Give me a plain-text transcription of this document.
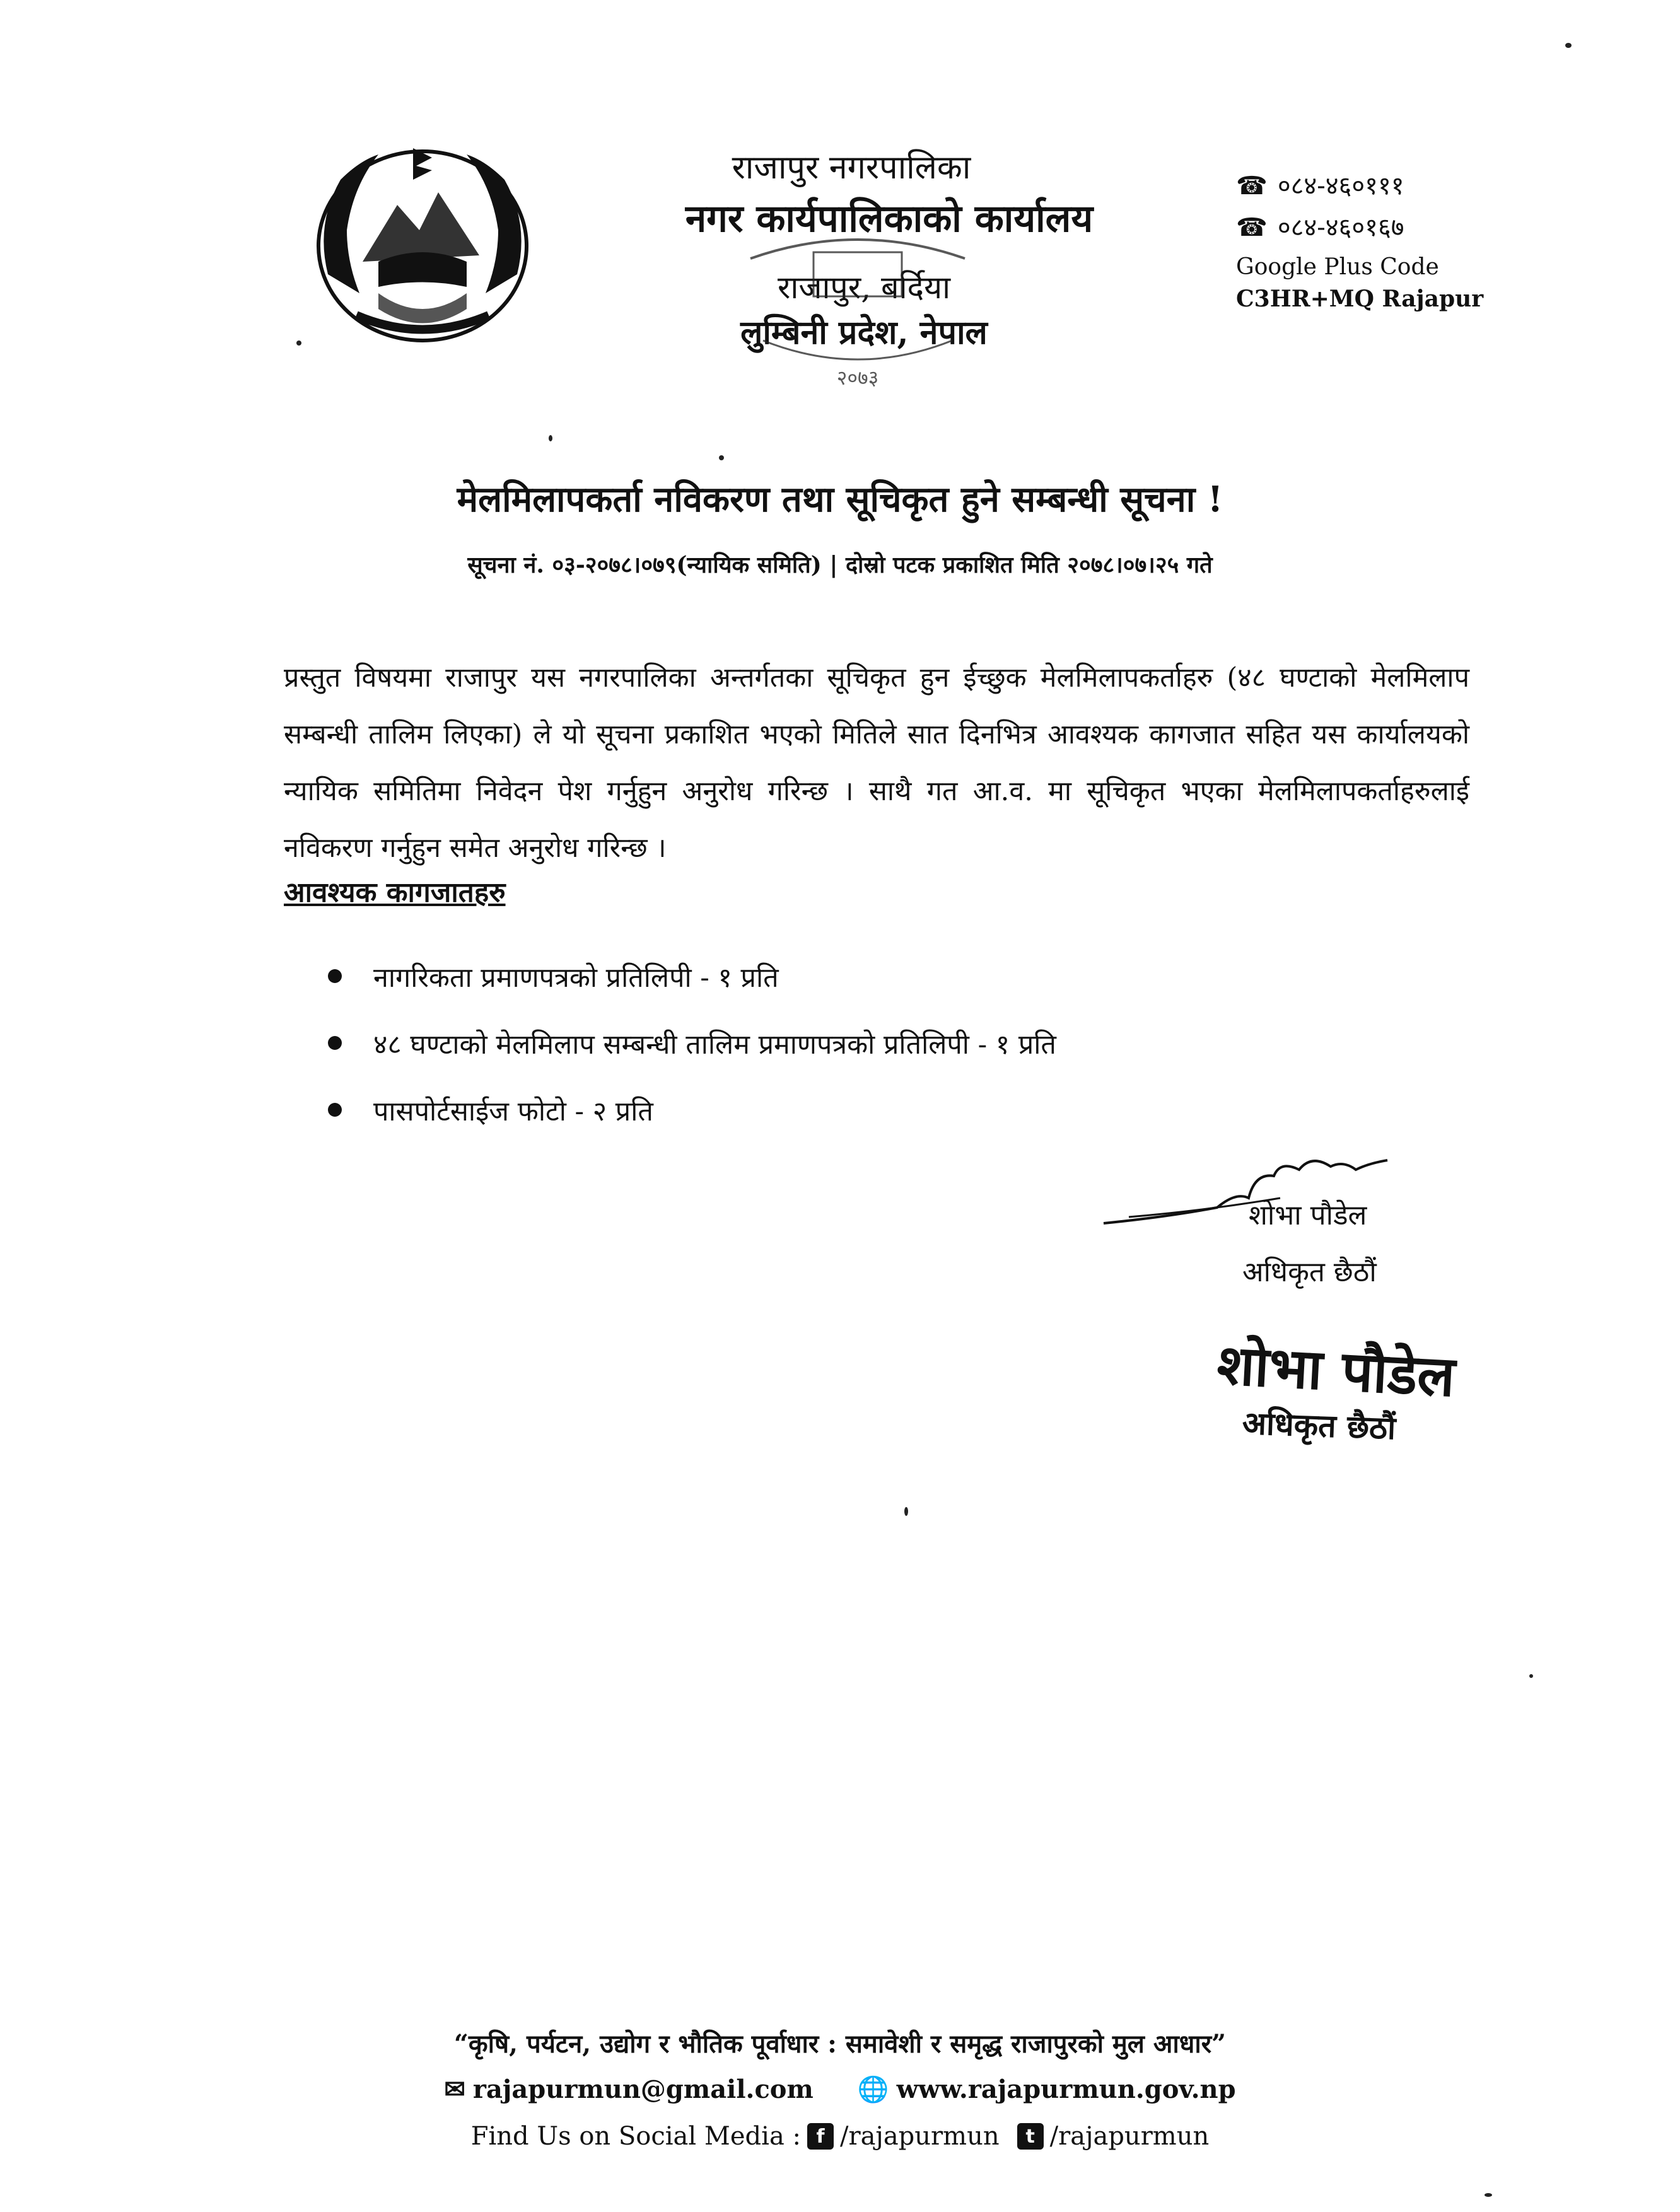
राजापुर नगरपालिका
नगर कार्यपालिकाको कार्यालय
राजापुर, बर्दिया
लुम्बिनी प्रदेश, नेपाल
२०७३
☎ ०८४-४६०१११
☎ ०८४-४६०१६७
Google Plus Code
C3HR+MQ Rajapur
मेलमिलापकर्ता नविकरण तथा सूचिकृत हुने सम्बन्धी सूचना !
सूचना नं. ०३-२०७८।०७९(न्यायिक समिति) | दोस्रो पटक प्रकाशित मिति २०७८।०७।२५ गते
प्रस्तुत विषयमा राजापुर यस नगरपालिका अन्तर्गतका सूचिकृत हुन ईच्छुक मेलमिलापकर्ताहरु (४८ घण्टाको मेलमिलाप सम्बन्धी तालिम लिएका) ले यो सूचना प्रकाशित भएको मितिले सात दिनभित्र आवश्यक कागजात सहित यस कार्यालयको न्यायिक समितिमा निवेदन पेश गर्नुहुन अनुरोध गरिन्छ । साथै गत आ.व. मा सूचिकृत भएका मेलमिलापकर्ताहरुलाई नविकरण गर्नुहुन समेत अनुरोध गरिन्छ ।
आवश्यक कागजातहरु
नागरिकता प्रमाणपत्रको प्रतिलिपी - १ प्रति
४८ घण्टाको मेलमिलाप सम्बन्धी तालिम प्रमाणपत्रको प्रतिलिपी - १ प्रति
पासपोर्टसाईज फोटो - २ प्रति
शोभा पौडेल
अधिकृत छैठौं
शोभा पौडेल
अधिकृत छैठौं
“कृषि, पर्यटन, उद्योग र भौतिक पूर्वाधार : समावेशी र समृद्ध राजापुरको मुल आधार”
✉ rajapurmun@gmail.com 🌐 www.rajapurmun.gov.np
Find Us on Social Media : f /rajapurmun	t /rajapurmun
